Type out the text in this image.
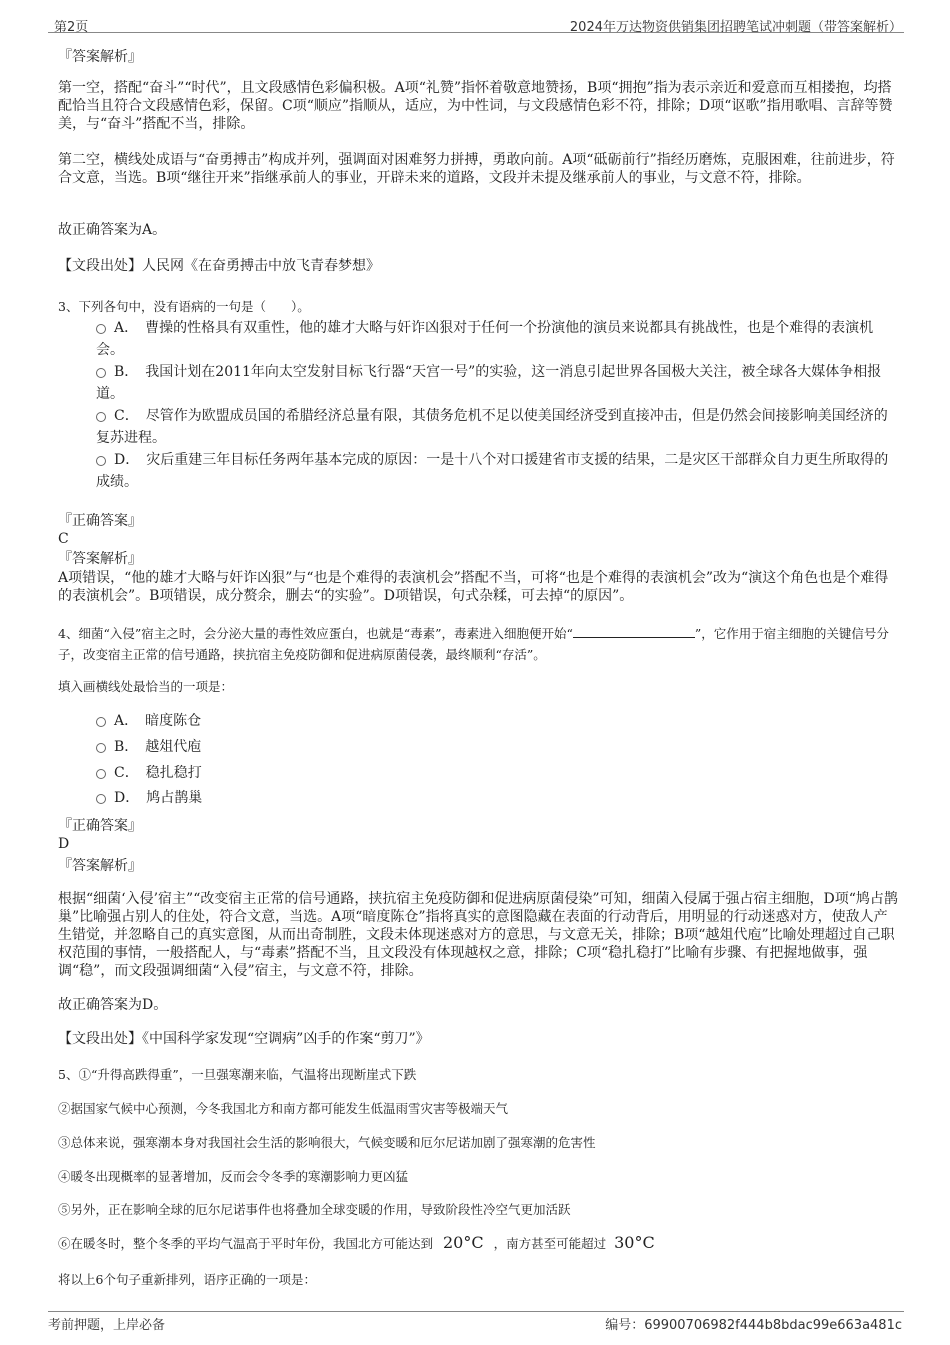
第2页	2024年万达物资供销集团招聘笔试冲刺题（带答案解析）
『答案解析』
第一空，搭配“奋斗”“时代”，且文段感情色彩偏积极。A项“礼赞”指怀着敬意地赞扬，B项“拥抱”指为表示亲近和爱意而互相搂抱，均搭配恰当且符合文段感情色彩，保留。C项“顺应”指顺从，适应，为中性词，与文段感情色彩不符，排除；D项“讴歌”指用歌唱、言辞等赞美，与“奋斗”搭配不当，排除。
第二空，横线处成语与“奋勇搏击”构成并列，强调面对困难努力拼搏，勇敢向前。A项“砥砺前行”指经历磨炼，克服困难，往前进步，符合文意，当选。B项“继往开来”指继承前人的事业，开辟未来的道路，文段并未提及继承前人的事业，与文意不符，排除。
故正确答案为A。
【文段出处】人民网《在奋勇搏击中放飞青春梦想》
3、下列各句中，没有语病的一句是（　　）。
A．　曹操的性格具有双重性，他的雄才大略与奸诈凶狠对于任何一个扮演他的演员来说都具有挑战性，也是个难得的表演机会。
B．　我国计划在2011年向太空发射目标飞行器“天宫一号”的实验，这一消息引起世界各国极大关注，被全球各大媒体争相报道。
C．　尽管作为欧盟成员国的希腊经济总量有限，其债务危机不足以使美国经济受到直接冲击，但是仍然会间接影响美国经济的复苏进程。
D．　灾后重建三年目标任务两年基本完成的原因：一是十八个对口援建省市支援的结果，二是灾区干部群众自力更生所取得的成绩。
『正确答案』
C
『答案解析』
A项错误，“他的雄才大略与奸诈凶狠”与“也是个难得的表演机会”搭配不当，可将“也是个难得的表演机会”改为“演这个角色也是个难得的表演机会”。B项错误，成分赘余，删去“的实验”。D项错误，句式杂糅，可去掉“的原因”。
4、细菌“入侵”宿主之时，会分泌大量的毒性效应蛋白，也就是“毒素”，毒素进入细胞便开始“	”，它作用于宿主细胞的关键信号分子，改变宿主正常的信号通路，挟抗宿主免疫防御和促进病原菌侵袭，最终顺利“存活”。
填入画横线处最恰当的一项是：
A．　暗度陈仓
B．　越俎代庖
C．　稳扎稳打
D．　鸠占鹊巢
『正确答案』
D
『答案解析』
根据“细菌‘入侵’宿主”“改变宿主正常的信号通路，挟抗宿主免疫防御和促进病原菌侵染”可知，细菌入侵属于强占宿主细胞，D项“鸠占鹊巢”比喻强占别人的住处，符合文意，当选。A项“暗度陈仓”指将真实的意图隐藏在表面的行动背后，用明显的行动迷惑对方，使敌人产生错觉，并忽略自己的真实意图，从而出奇制胜，文段未体现迷惑对方的意思，与文意无关，排除；B项“越俎代庖”比喻处理超过自己职权范围的事情，一般搭配人，与“毒素”搭配不当，且文段没有体现越权之意，排除；C项“稳扎稳打”比喻有步骤、有把握地做事，强调“稳”，而文段强调细菌“入侵”宿主，与文意不符，排除。
故正确答案为D。
【文段出处】《中国科学家发现“空调病”凶手的作案“剪刀”》
5、①“升得高跌得重”，一旦强寒潮来临，气温将出现断崖式下跌
②据国家气候中心预测，今冬我国北方和南方都可能发生低温雨雪灾害等极端天气
③总体来说，强寒潮本身对我国社会生活的影响很大，气候变暖和厄尔尼诺加剧了强寒潮的危害性
④暖冬出现概率的显著增加，反而会令冬季的寒潮影响力更凶猛
⑤另外，正在影响全球的厄尔尼诺事件也将叠加全球变暖的作用，导致阶段性冷空气更加活跃
⑥在暖冬时，整个冬季的平均气温高于平时年份，我国北方可能达到 20°C ，南方甚至可能超过 30°C
将以上6个句子重新排列，语序正确的一项是：
考前押题，上岸必备	编号：69900706982f444b8bdac99e663a481c
